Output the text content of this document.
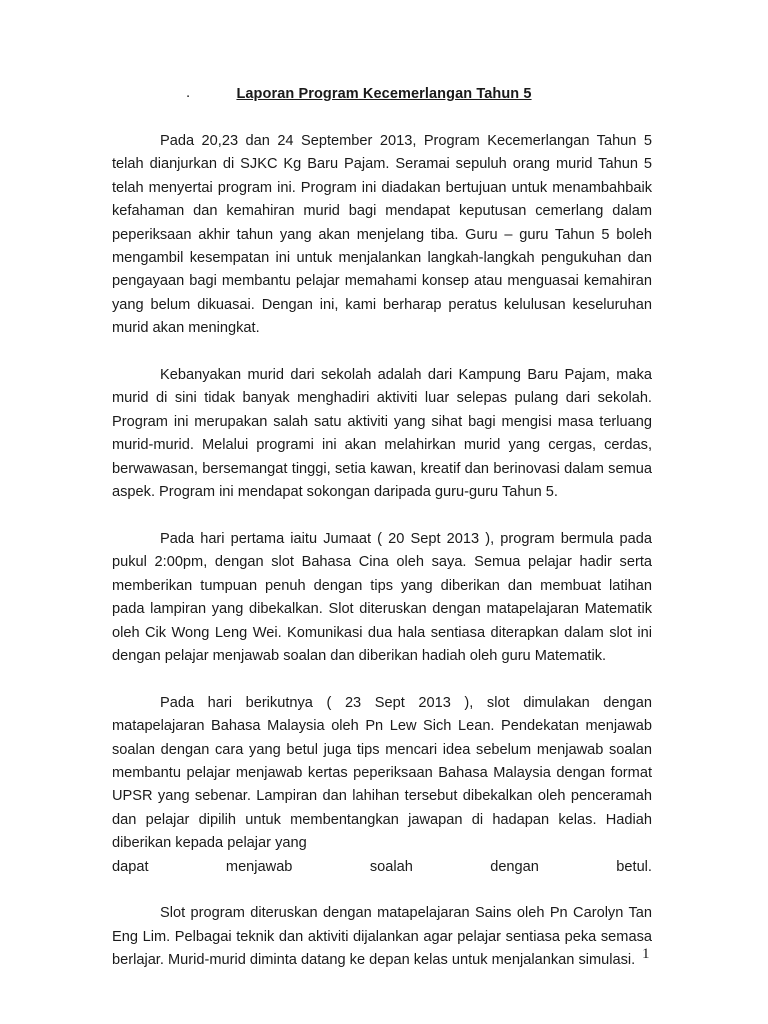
.	Laporan Program Kecemerlangan Tahun 5

Pada 20,23 dan 24 September 2013, Program Kecemerlangan Tahun 5 telah dianjurkan di SJKC Kg Baru Pajam. Seramai sepuluh orang murid Tahun 5 telah menyertai program ini. Program ini diadakan bertujuan untuk menambahbaik kefahaman dan kemahiran murid bagi mendapat keputusan cemerlang dalam peperiksaan akhir tahun yang akan menjelang tiba. Guru – guru Tahun 5 boleh mengambil kesempatan ini untuk menjalankan langkah-langkah pengukuhan dan pengayaan bagi membantu pelajar memahami konsep atau menguasai kemahiran yang belum dikuasai. Dengan ini, kami berharap peratus kelulusan keseluruhan murid akan meningkat.

Kebanyakan murid dari sekolah adalah dari Kampung Baru Pajam, maka murid di sini tidak banyak menghadiri aktiviti luar selepas pulang dari sekolah. Program ini merupakan salah satu aktiviti yang sihat bagi mengisi masa terluang murid-murid. Melalui programi ini akan melahirkan murid yang cergas, cerdas, berwawasan, bersemangat tinggi, setia kawan, kreatif dan berinovasi dalam semua aspek. Program ini mendapat sokongan daripada guru-guru Tahun 5.

Pada hari pertama iaitu Jumaat ( 20 Sept 2013 ), program bermula pada pukul 2:00pm, dengan slot Bahasa Cina oleh saya. Semua pelajar hadir serta memberikan tumpuan penuh dengan tips yang diberikan dan membuat latihan pada lampiran yang dibekalkan. Slot diteruskan dengan matapelajaran Matematik oleh Cik Wong Leng Wei. Komunikasi dua hala sentiasa diterapkan dalam slot ini dengan pelajar menjawab soalan dan diberikan hadiah oleh guru Matematik.

Pada hari berikutnya ( 23 Sept 2013 ), slot dimulakan dengan matapelajaran Bahasa Malaysia oleh Pn Lew Sich Lean. Pendekatan menjawab soalan dengan cara yang betul juga tips mencari idea sebelum menjawab soalan membantu pelajar menjawab kertas peperiksaan Bahasa Malaysia dengan format UPSR yang sebenar. Lampiran dan lahihan tersebut dibekalkan oleh penceramah dan pelajar dipilih untuk membentangkan jawapan di hadapan kelas. Hadiah diberikan kepada pelajar yang

dapat	menjawab	soalah	dengan	betul.

Slot program diteruskan dengan matapelajaran Sains oleh Pn Carolyn Tan Eng Lim. Pelbagai teknik dan aktiviti dijalankan agar pelajar sentiasa peka semasa berlajar. Murid-murid diminta datang ke depan kelas untuk menjalankan simulasi. 1
